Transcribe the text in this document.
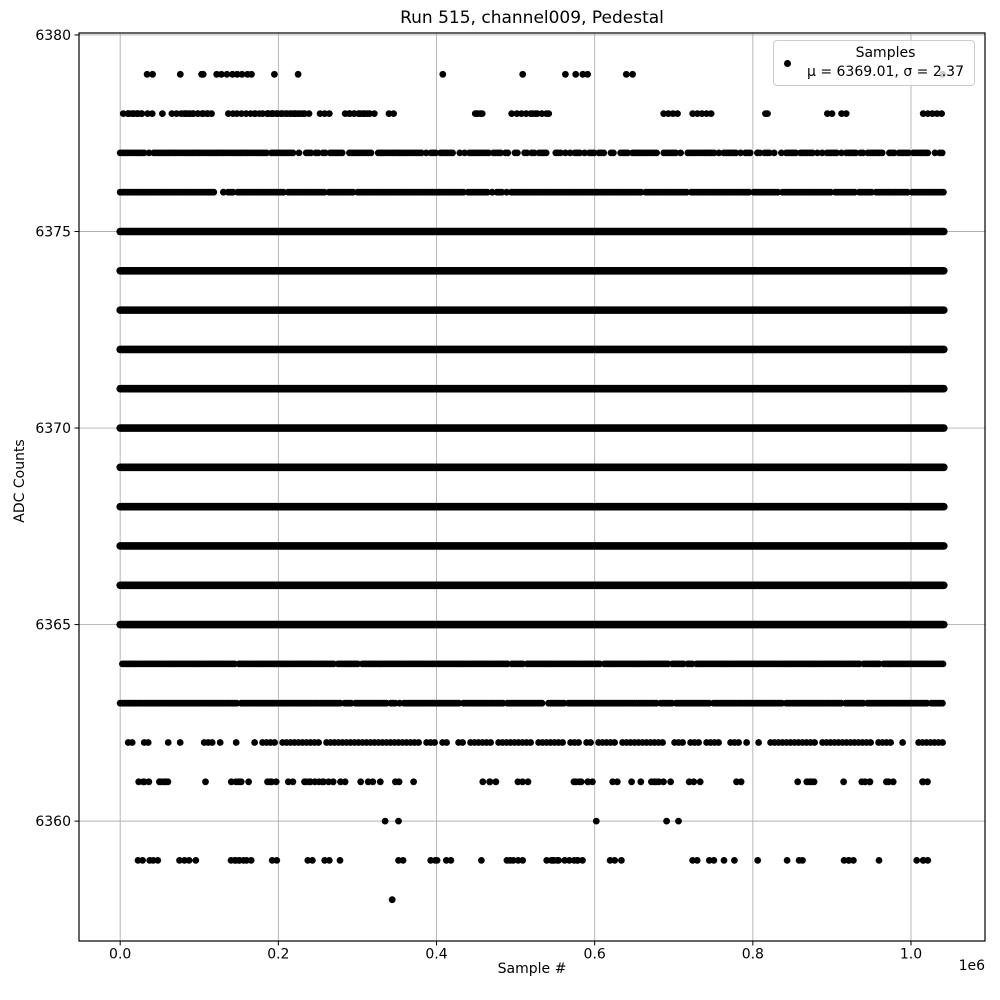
Run 515, channel009, Pedestal
ADC Counts
Sample #	1e6
0.0	0.2	0.4	0.6	0.8	1.0
6360
6365
6370
6375
6380
Samples
μ = 6369.01, σ = 2.37
